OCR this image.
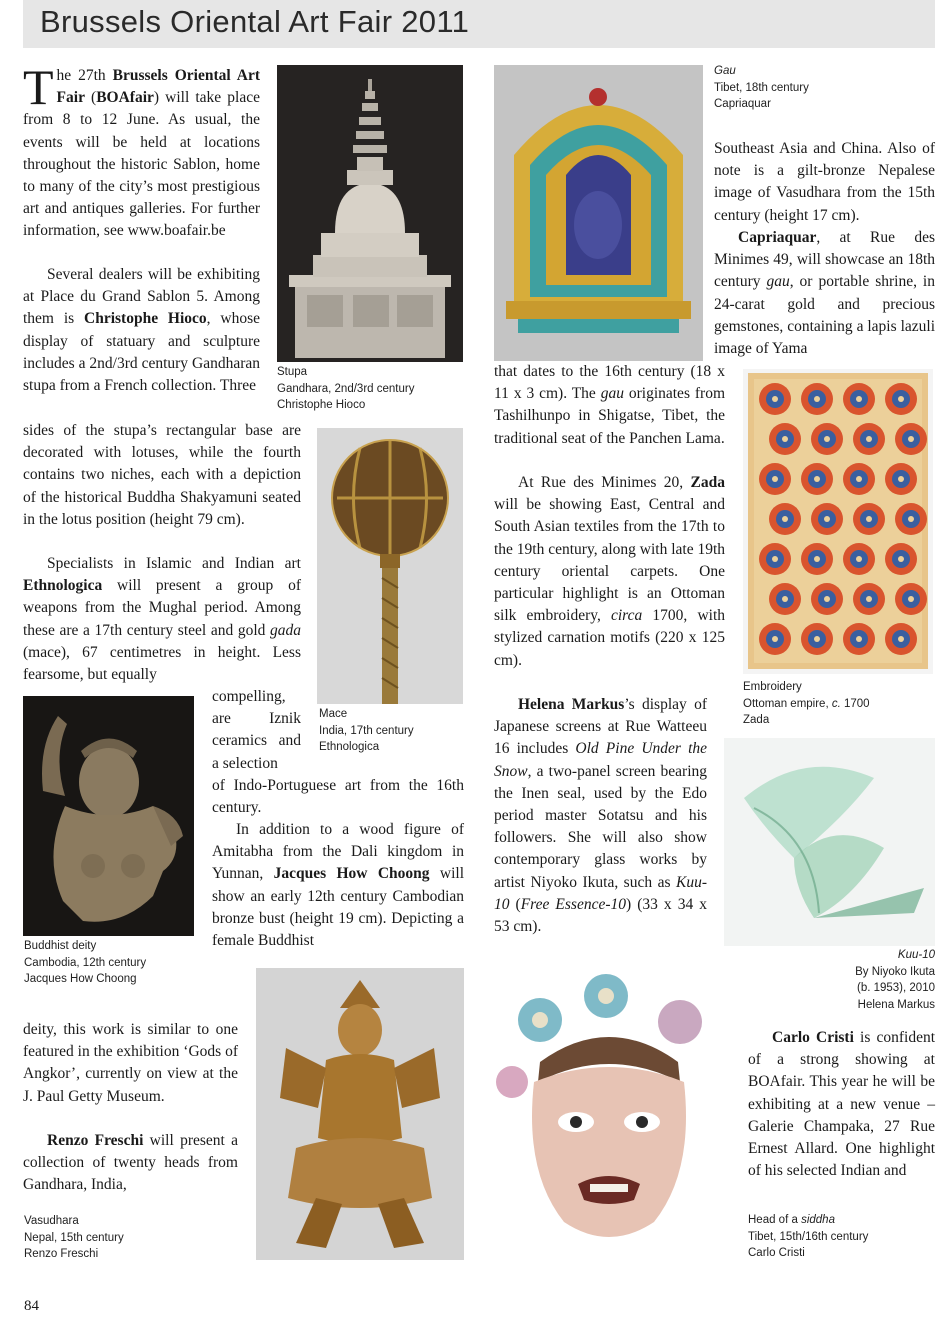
Brussels Oriental Art Fair 2011

The 27th Brussels Oriental Art Fair (BOAfair) will take place from 8 to 12 June. As usual, the events will be held at locations throughout the historic Sablon, home to many of the city’s most prestigious art and antiques galleries. For further information, see www.boafair.be

Several dealers will be exhibiting at Place du Grand Sablon 5. Among them is Christophe Hioco, whose display of statuary and sculpture includes a 2nd/3rd century Gandharan stupa from a French collection. Three

sides of the stupa’s rectangular base are decorated with lotuses, while the fourth contains two niches, each with a depiction of the historical Buddha Shakyamuni seated in the lotus position (height 79 cm).

Specialists in Islamic and Indian art Ethnologica will present a group of weapons from the Mughal period. Among these are a 17th century steel and gold gada (mace), 67 centimetres in height. Less fearsome, but equally

compelling, are Iznik ceramics and a selection

of Indo-Portuguese art from the 16th century.

In addition to a wood figure of Amitabha from the Dali kingdom in Yunnan, Jacques How Choong will show an early 12th century Cambodian bronze bust (height 19 cm). Depicting a female Buddhist

deity, this work is similar to one featured in the exhibition ‘Gods of Angkor’, currently on view at the J. Paul Getty Museum.

Renzo Freschi will present a collection of twenty heads from Gandhara, India,

Southeast Asia and China. Also of note is a gilt-bronze Nepalese image of Vasudhara from the 15th century (height 17 cm).

Capriaquar, at Rue des Minimes 49, will showcase an 18th century gau, or portable shrine, in 24-carat gold and precious gemstones, containing a lapis lazuli image of Yama

that dates to the 16th century (18 x 11 x 3 cm). The gau originates from Tashilhunpo in Shigatse, Tibet, the traditional seat of the Panchen Lama.

At Rue des Minimes 20, Zada will be showing East, Central and South Asian textiles from the 17th to the 19th century, along with late 19th century oriental carpets. One particular highlight is an Ottoman silk embroidery, circa 1700, with stylized carnation motifs (220 x 125 cm).

Helena Markus’s display of Japanese screens at Rue Watteeu 16 includes Old Pine Under the Snow, a two-panel screen bearing the Inen seal, used by the Edo period master Sotatsu and his followers. She will also show contemporary glass works by artist Niyoko Ikuta, such as Kuu-10 (Free Essence-10) (33 x 34 x 53 cm).

Carlo Cristi is confident of a strong showing at BOAfair. This year he will be exhibiting at a new venue – Galerie Champaka, 27 Rue Ernest Allard. One highlight of his selected Indian and

Stupa
Gandhara, 2nd/3rd century
Christophe Hioco
Mace
India, 17th century
Ethnologica
Buddhist deity
Cambodia, 12th century
Jacques How Choong
Vasudhara
Nepal, 15th century
Renzo Freschi
Gau
Tibet, 18th century
Capriaquar
Embroidery
Ottoman empire, c. 1700
Zada
Kuu-10
By Niyoko Ikuta
(b. 1953), 2010
Helena Markus
Head of a siddha
Tibet, 15th/16th century
Carlo Cristi
84
